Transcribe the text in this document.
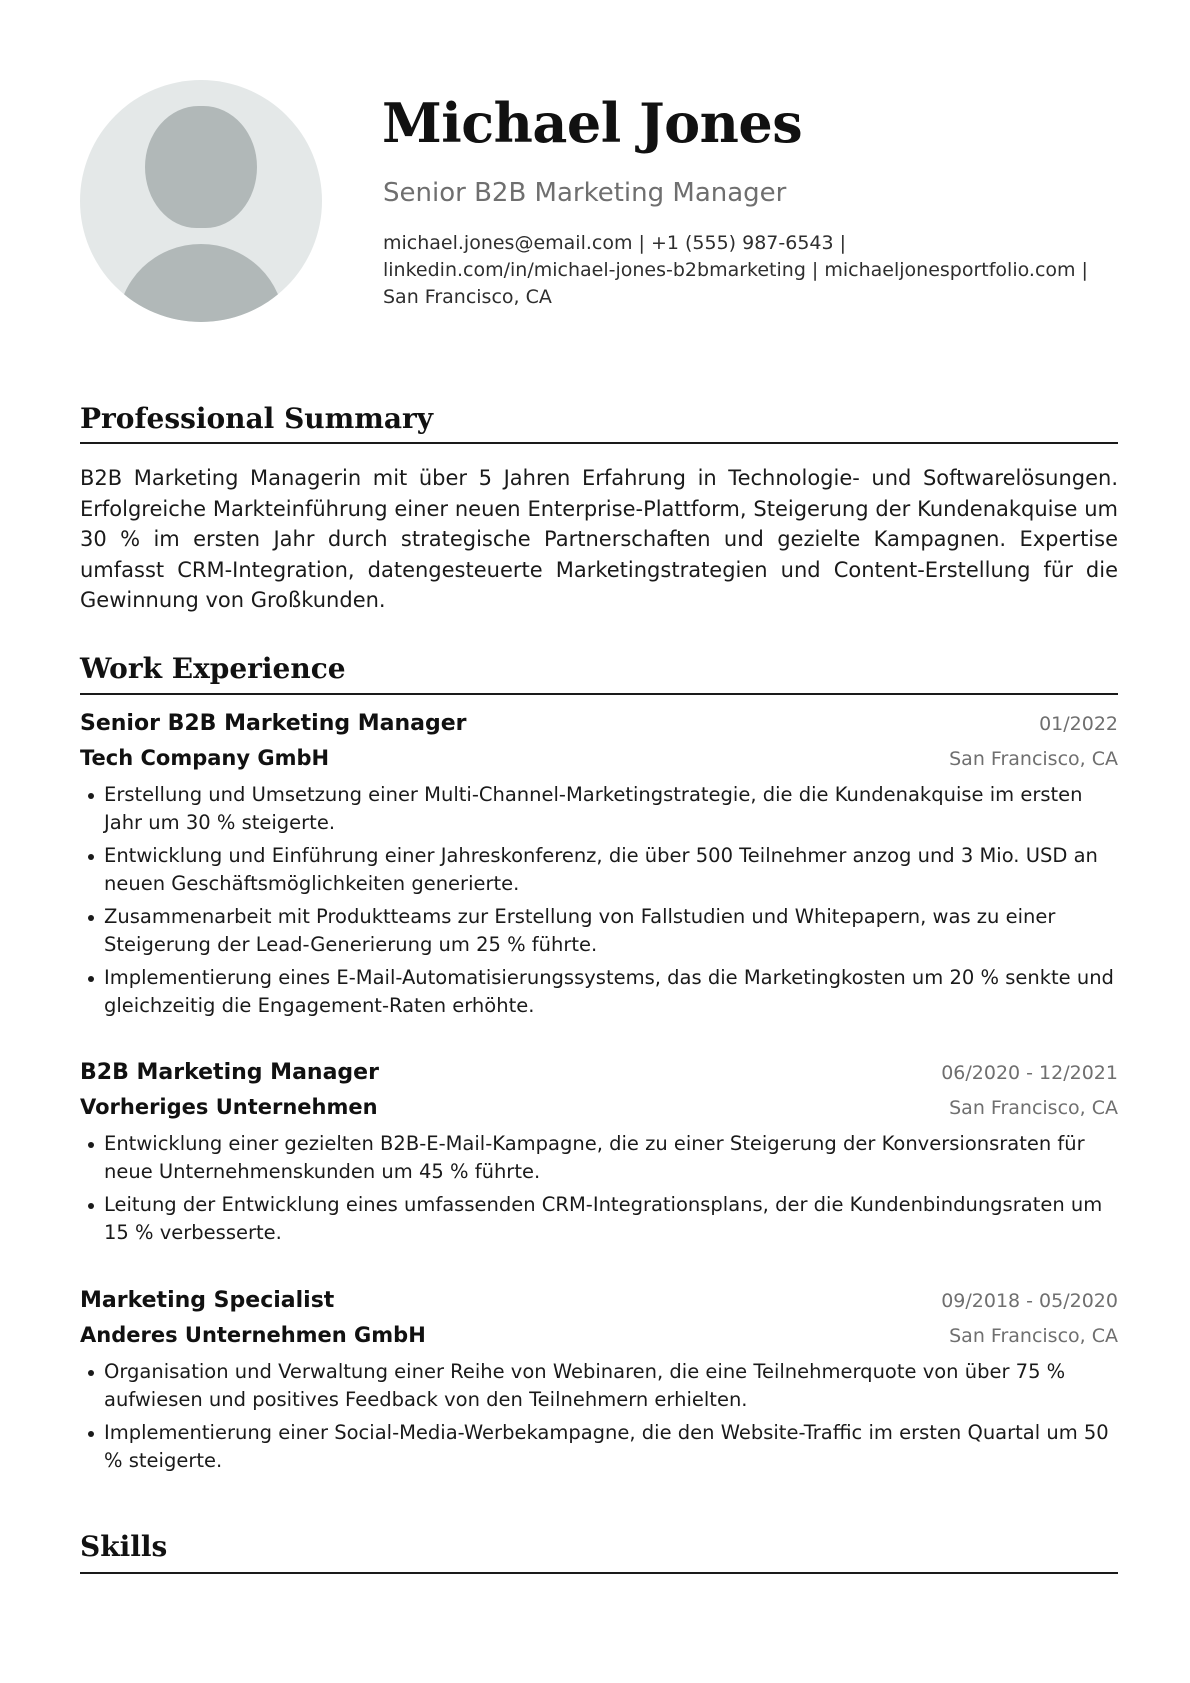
Michael Jones
Senior B2B Marketing Manager
michael.jones@email.com | +1 (555) 987-6543 |
linkedin.com/in/michael-jones-b2bmarketing | michaeljonesportfolio.com |
San Francisco, CA
Professional Summary

B2B Marketing Managerin mit über 5 Jahren Erfahrung in Technologie- und Softwarelösungen. Erfolgreiche Markteinführung einer neuen Enterprise-Plattform, Steigerung der Kundenakquise um 30 % im ersten Jahr durch strategische Partnerschaften und gezielte Kampagnen. Expertise umfasst CRM-Integration, datengesteuerte Marketingstrategien und Content-Erstellung für die Gewinnung von Großkunden.

Work Experience
Senior B2B Marketing Manager	01/2022
Tech Company GmbH	San Francisco, CA
Erstellung und Umsetzung einer Multi-Channel-Marketingstrategie, die die Kundenakquise im ersten Jahr um 30 % steigerte.
Entwicklung und Einführung einer Jahreskonferenz, die über 500 Teilnehmer anzog und 3 Mio. USD an neuen Geschäftsmöglichkeiten generierte.
Zusammenarbeit mit Produktteams zur Erstellung von Fallstudien und Whitepapern, was zu einer Steigerung der Lead-Generierung um 25 % führte.
Implementierung eines E-Mail-Automatisierungssystems, das die Marketingkosten um 20 % senkte und gleichzeitig die Engagement-Raten erhöhte.
B2B Marketing Manager	06/2020 - 12/2021
Vorheriges Unternehmen	San Francisco, CA
Entwicklung einer gezielten B2B-E-Mail-Kampagne, die zu einer Steigerung der Konversionsraten für neue Unternehmenskunden um 45 % führte.
Leitung der Entwicklung eines umfassenden CRM-Integrationsplans, der die Kundenbindungsraten um 15 % verbesserte.
Marketing Specialist	09/2018 - 05/2020
Anderes Unternehmen GmbH	San Francisco, CA
Organisation und Verwaltung einer Reihe von Webinaren, die eine Teilnehmerquote von über 75 % aufwiesen und positives Feedback von den Teilnehmern erhielten.
Implementierung einer Social-Media-Werbekampagne, die den Website-Traffic im ersten Quartal um 50 % steigerte.
Skills
